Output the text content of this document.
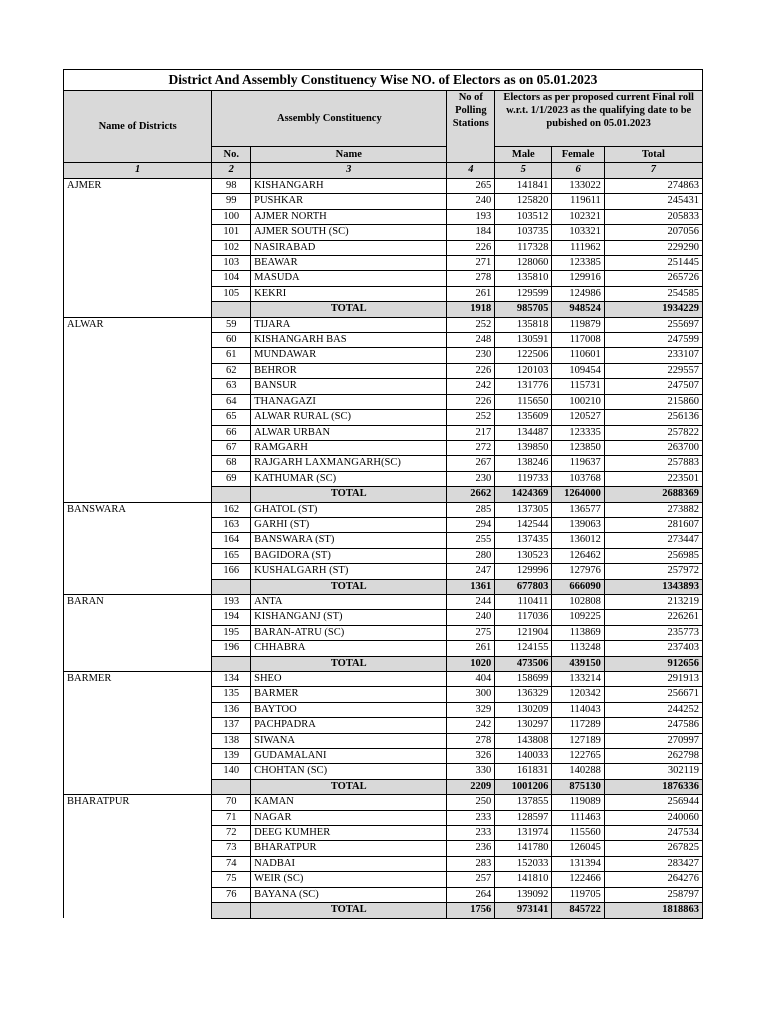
District And Assembly Constituency Wise NO. of Electors as on 05.01.2023						
Name of Districts	Assembly Constituency		No of Polling Stations	Electors as per proposed current Final roll w.r.t. 1/1/2023 as the qualifying date to be pubished on 05.01.2023		
	No.	Name		Male	Female	Total
1	2	3	4	5	6	7
AJMER	98	KISHANGARH	265	141841	133022	274863
	99	PUSHKAR	240	125820	119611	245431
	100	AJMER NORTH	193	103512	102321	205833
	101	AJMER SOUTH (SC)	184	103735	103321	207056
	102	NASIRABAD	226	117328	111962	229290
	103	BEAWAR	271	128060	123385	251445
	104	MASUDA	278	135810	129916	265726
	105	KEKRI	261	129599	124986	254585
		TOTAL	1918	985705	948524	1934229
ALWAR	59	TIJARA	252	135818	119879	255697
	60	KISHANGARH BAS	248	130591	117008	247599
	61	MUNDAWAR	230	122506	110601	233107
	62	BEHROR	226	120103	109454	229557
	63	BANSUR	242	131776	115731	247507
	64	THANAGAZI	226	115650	100210	215860
	65	ALWAR RURAL (SC)	252	135609	120527	256136
	66	ALWAR URBAN	217	134487	123335	257822
	67	RAMGARH	272	139850	123850	263700
	68	RAJGARH LAXMANGARH(SC)	267	138246	119637	257883
	69	KATHUMAR (SC)	230	119733	103768	223501
		TOTAL	2662	1424369	1264000	2688369
BANSWARA	162	GHATOL (ST)	285	137305	136577	273882
	163	GARHI (ST)	294	142544	139063	281607
	164	BANSWARA (ST)	255	137435	136012	273447
	165	BAGIDORA (ST)	280	130523	126462	256985
	166	KUSHALGARH (ST)	247	129996	127976	257972
		TOTAL	1361	677803	666090	1343893
BARAN	193	ANTA	244	110411	102808	213219
	194	KISHANGANJ (ST)	240	117036	109225	226261
	195	BARAN-ATRU (SC)	275	121904	113869	235773
	196	CHHABRA	261	124155	113248	237403
		TOTAL	1020	473506	439150	912656
BARMER	134	SHEO	404	158699	133214	291913
	135	BARMER	300	136329	120342	256671
	136	BAYTOO	329	130209	114043	244252
	137	PACHPADRA	242	130297	117289	247586
	138	SIWANA	278	143808	127189	270997
	139	GUDAMALANI	326	140033	122765	262798
	140	CHOHTAN (SC)	330	161831	140288	302119
		TOTAL	2209	1001206	875130	1876336
BHARATPUR	70	KAMAN	250	137855	119089	256944
	71	NAGAR	233	128597	111463	240060
	72	DEEG KUMHER	233	131974	115560	247534
	73	BHARATPUR	236	141780	126045	267825
	74	NADBAI	283	152033	131394	283427
	75	WEIR (SC)	257	141810	122466	264276
	76	BAYANA (SC)	264	139092	119705	258797
		TOTAL	1756	973141	845722	1818863
